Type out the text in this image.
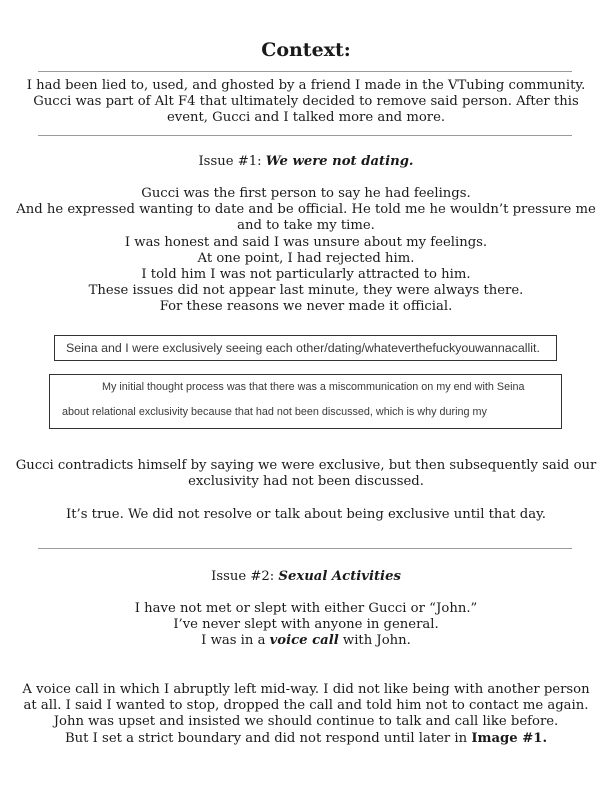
Context:
I had been lied to, used, and ghosted by a friend I made in the VTubing community.
Gucci was part of Alt F4 that ultimately decided to remove said person. After this
event, Gucci and I talked more and more.
Issue #1: We were not dating.
Gucci was the first person to say he had feelings.
And he expressed wanting to date and be official. He told me he wouldn’t pressure me
and to take my time.
I was honest and said I was unsure about my feelings.
At one point, I had rejected him.
I told him I was not particularly attracted to him.
These issues did not appear last minute, they were always there.
For these reasons we never made it official.
Seina and I were exclusively seeing each other/dating/whateverthefuckyouwannacallit.
My initial thought process was that there was a miscommunication on my end with Seina
about relational exclusivity because that had not been discussed, which is why during my
Gucci contradicts himself by saying we were exclusive, but then subsequently said our
exclusivity had not been discussed.
It’s true. We did not resolve or talk about being exclusive until that day.
Issue #2: Sexual Activities
I have not met or slept with either Gucci or “John.”
I’ve never slept with anyone in general.
I was in a voice call with John.
A voice call in which I abruptly left mid-way. I did not like being with another person
at all. I said I wanted to stop, dropped the call and told him not to contact me again.
John was upset and insisted we should continue to talk and call like before.
But I set a strict boundary and did not respond until later in Image #1.
